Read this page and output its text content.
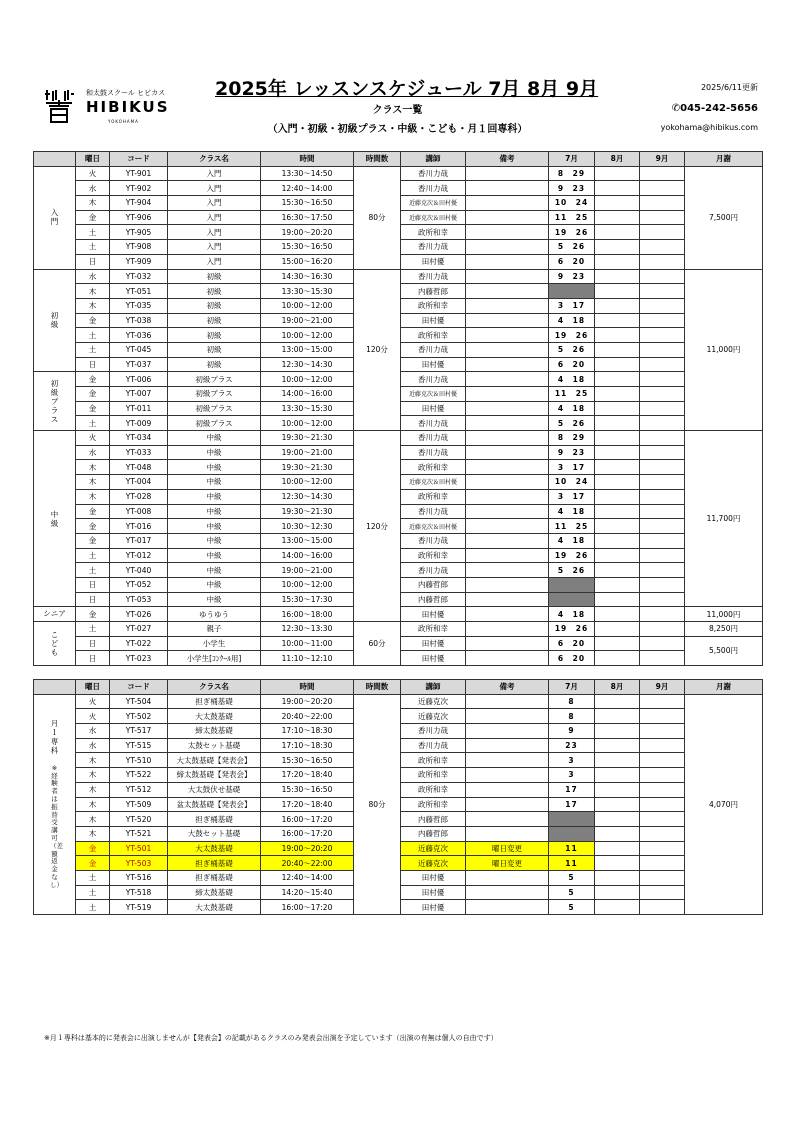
和太鼓スクール ヒビカス
HIBIKUS
YOKOHAMA
2025年 レッスンスケジュール 7月 8月 9月
クラス一覧
（入門・初級・初級プラス・中級・こども・月１回専科）
2025/6/11更新
✆045-242-5656
yokohama@hibikus.com
	曜日	コード	クラス名	時間	時間数	講師	備考	7月	8月	9月	月謝
入門	火	YT-901	入門	13:30～14:50	80分	香川力哉		8　29			7,500円
	水	YT-902	入門	12:40～14:00		香川力哉		9　23			
	木	YT-904	入門	15:30～16:50		近藤克次＆田村優		10　24			
	金	YT-906	入門	16:30～17:50		近藤克次＆田村優		11　25			
	土	YT-905	入門	19:00～20:20		政所和幸		19　26			
	土	YT-908	入門	15:30～16:50		香川力哉		5　26			
	日	YT-909	入門	15:00～16:20		田村優		6　20			
初級	水	YT-032	初級	14:30～16:30	120分	香川力哉		9　23			11,000円
	木	YT-051	初級	13:30～15:30		内藤哲郎					
	木	YT-035	初級	10:00～12:00		政所和幸		3　17			
	金	YT-038	初級	19:00～21:00		田村優		4　18			
	土	YT-036	初級	10:00～12:00		政所和幸		19　26			
	土	YT-045	初級	13:00～15:00		香川力哉		5　26			
	日	YT-037	初級	12:30～14:30		田村優		6　20			
初級プラス	金	YT-006	初級プラス	10:00～12:00		香川力哉		4　18			
	金	YT-007	初級プラス	14:00～16:00		近藤克次＆田村優		11　25			
	金	YT-011	初級プラス	13:30～15:30		田村優		4　18			
	土	YT-009	初級プラス	10:00～12:00		香川力哉		5　26			
中級	火	YT-034	中級	19:30～21:30	120分	香川力哉		8　29			11,700円
	水	YT-033	中級	19:00～21:00		香川力哉		9　23			
	木	YT-048	中級	19:30～21:30		政所和幸		3　17			
	木	YT-004	中級	10:00～12:00		近藤克次＆田村優		10　24			
	木	YT-028	中級	12:30～14:30		政所和幸		3　17			
	金	YT-008	中級	19:30～21:30		香川力哉		4　18			
	金	YT-016	中級	10:30～12:30		近藤克次＆田村優		11　25			
	金	YT-017	中級	13:00～15:00		香川力哉		4　18			
	土	YT-012	中級	14:00～16:00		政所和幸		19　26			
	土	YT-040	中級	19:00～21:00		香川力哉		5　26			
	日	YT-052	中級	10:00～12:00		内藤哲郎					
	日	YT-053	中級	15:30～17:30		内藤哲郎					
シニア	金	YT-026	ゆうゆう	16:00～18:00		田村優		4　18			11,000円
こども	土	YT-027	親子	12:30～13:30	60分	政所和幸		19　26			8,250円
	日	YT-022	小学生	10:00～11:00		田村優		6　20			5,500円
	日	YT-023	小学生[ｺﾝｸｰﾙ用]	11:10～12:10		田村優		6　20			
	曜日	コード	クラス名	時間	時間数	講師	備考	7月	8月	9月	月謝
月１専科

※経験者は振替受講可（差額返金なし）	火	YT-504	担ぎ桶基礎	19:00～20:20	80分	近藤克次		8			4,070円
	火	YT-502	大太鼓基礎	20:40～22:00		近藤克次		8			
	水	YT-517	締太鼓基礎	17:10～18:30		香川力哉		9			
	水	YT-515	太鼓セット基礎	17:10～18:30		香川力哉		23			
	木	YT-510	大太鼓基礎【発表会】	15:30～16:50		政所和幸		3			
	木	YT-522	締太鼓基礎【発表会】	17:20～18:40		政所和幸		3			
	木	YT-512	大太鼓伏せ基礎	15:30～16:50		政所和幸		17			
	木	YT-509	盆太鼓基礎【発表会】	17:20～18:40		政所和幸		17			
	木	YT-520	担ぎ桶基礎	16:00～17:20		内藤哲郎					
	木	YT-521	大鼓セット基礎	16:00～17:20		内藤哲郎					
	金	YT-501	大太鼓基礎	19:00～20:20		近藤克次	曜日変更	11			
	金	YT-503	担ぎ桶基礎	20:40～22:00		近藤克次	曜日変更	11			
	土	YT-516	担ぎ桶基礎	12:40～14:00		田村優		5			
	土	YT-518	締太鼓基礎	14:20～15:40		田村優		5			
	土	YT-519	大太鼓基礎	16:00～17:20		田村優		5			
※月１専科は基本的に発表会に出演しませんが【発表会】の記載があるクラスのみ発表会出演を予定しています（出演の有無は個人の自由です）
